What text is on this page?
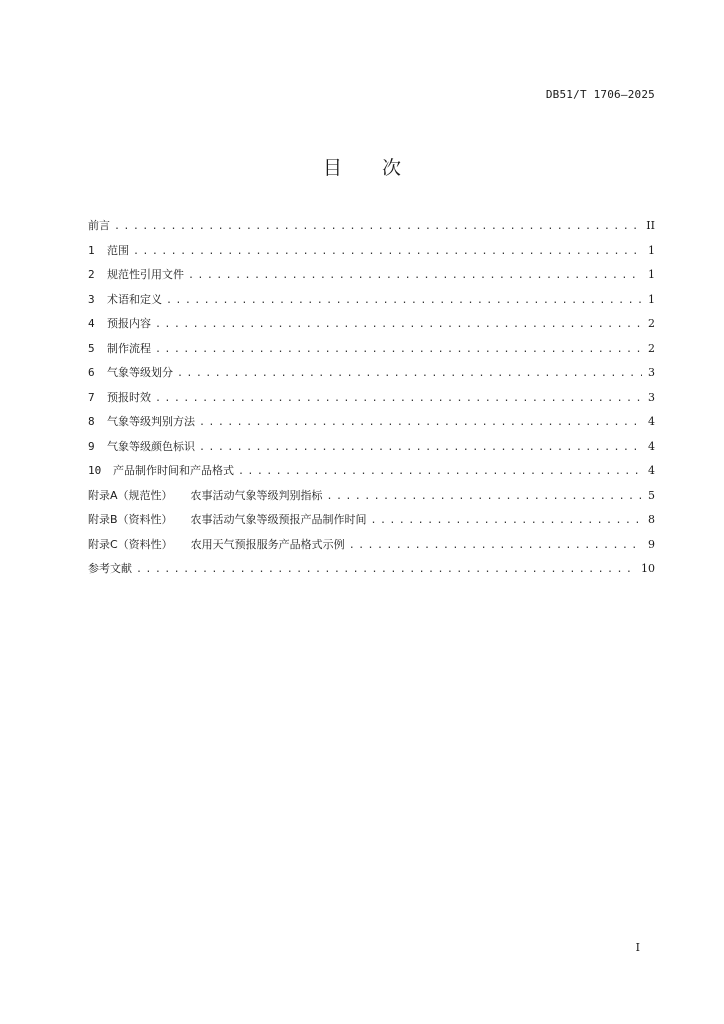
DB51/T 1706—2025
目 次
前言 .....	II
1	范围 .....	1
2	规范性引用文件 .....	1
3	术语和定义 .....	1
4	预报内容 .....	2
5	制作流程 .....	2
6	气象等级划分 .....	3
7	预报时效 .....	3
8	气象等级判别方法 .....	4
9	气象等级颜色标识 .....	4
10	产品制作时间和产品格式 .....	4
附录A（规范性） 农事活动气象等级判别指标 .....	5
附录B（资料性） 农事活动气象等级预报产品制作时间 .....	8
附录C（资料性） 农用天气预报服务产品格式示例 .....	9
参考文献 .....	10
I
